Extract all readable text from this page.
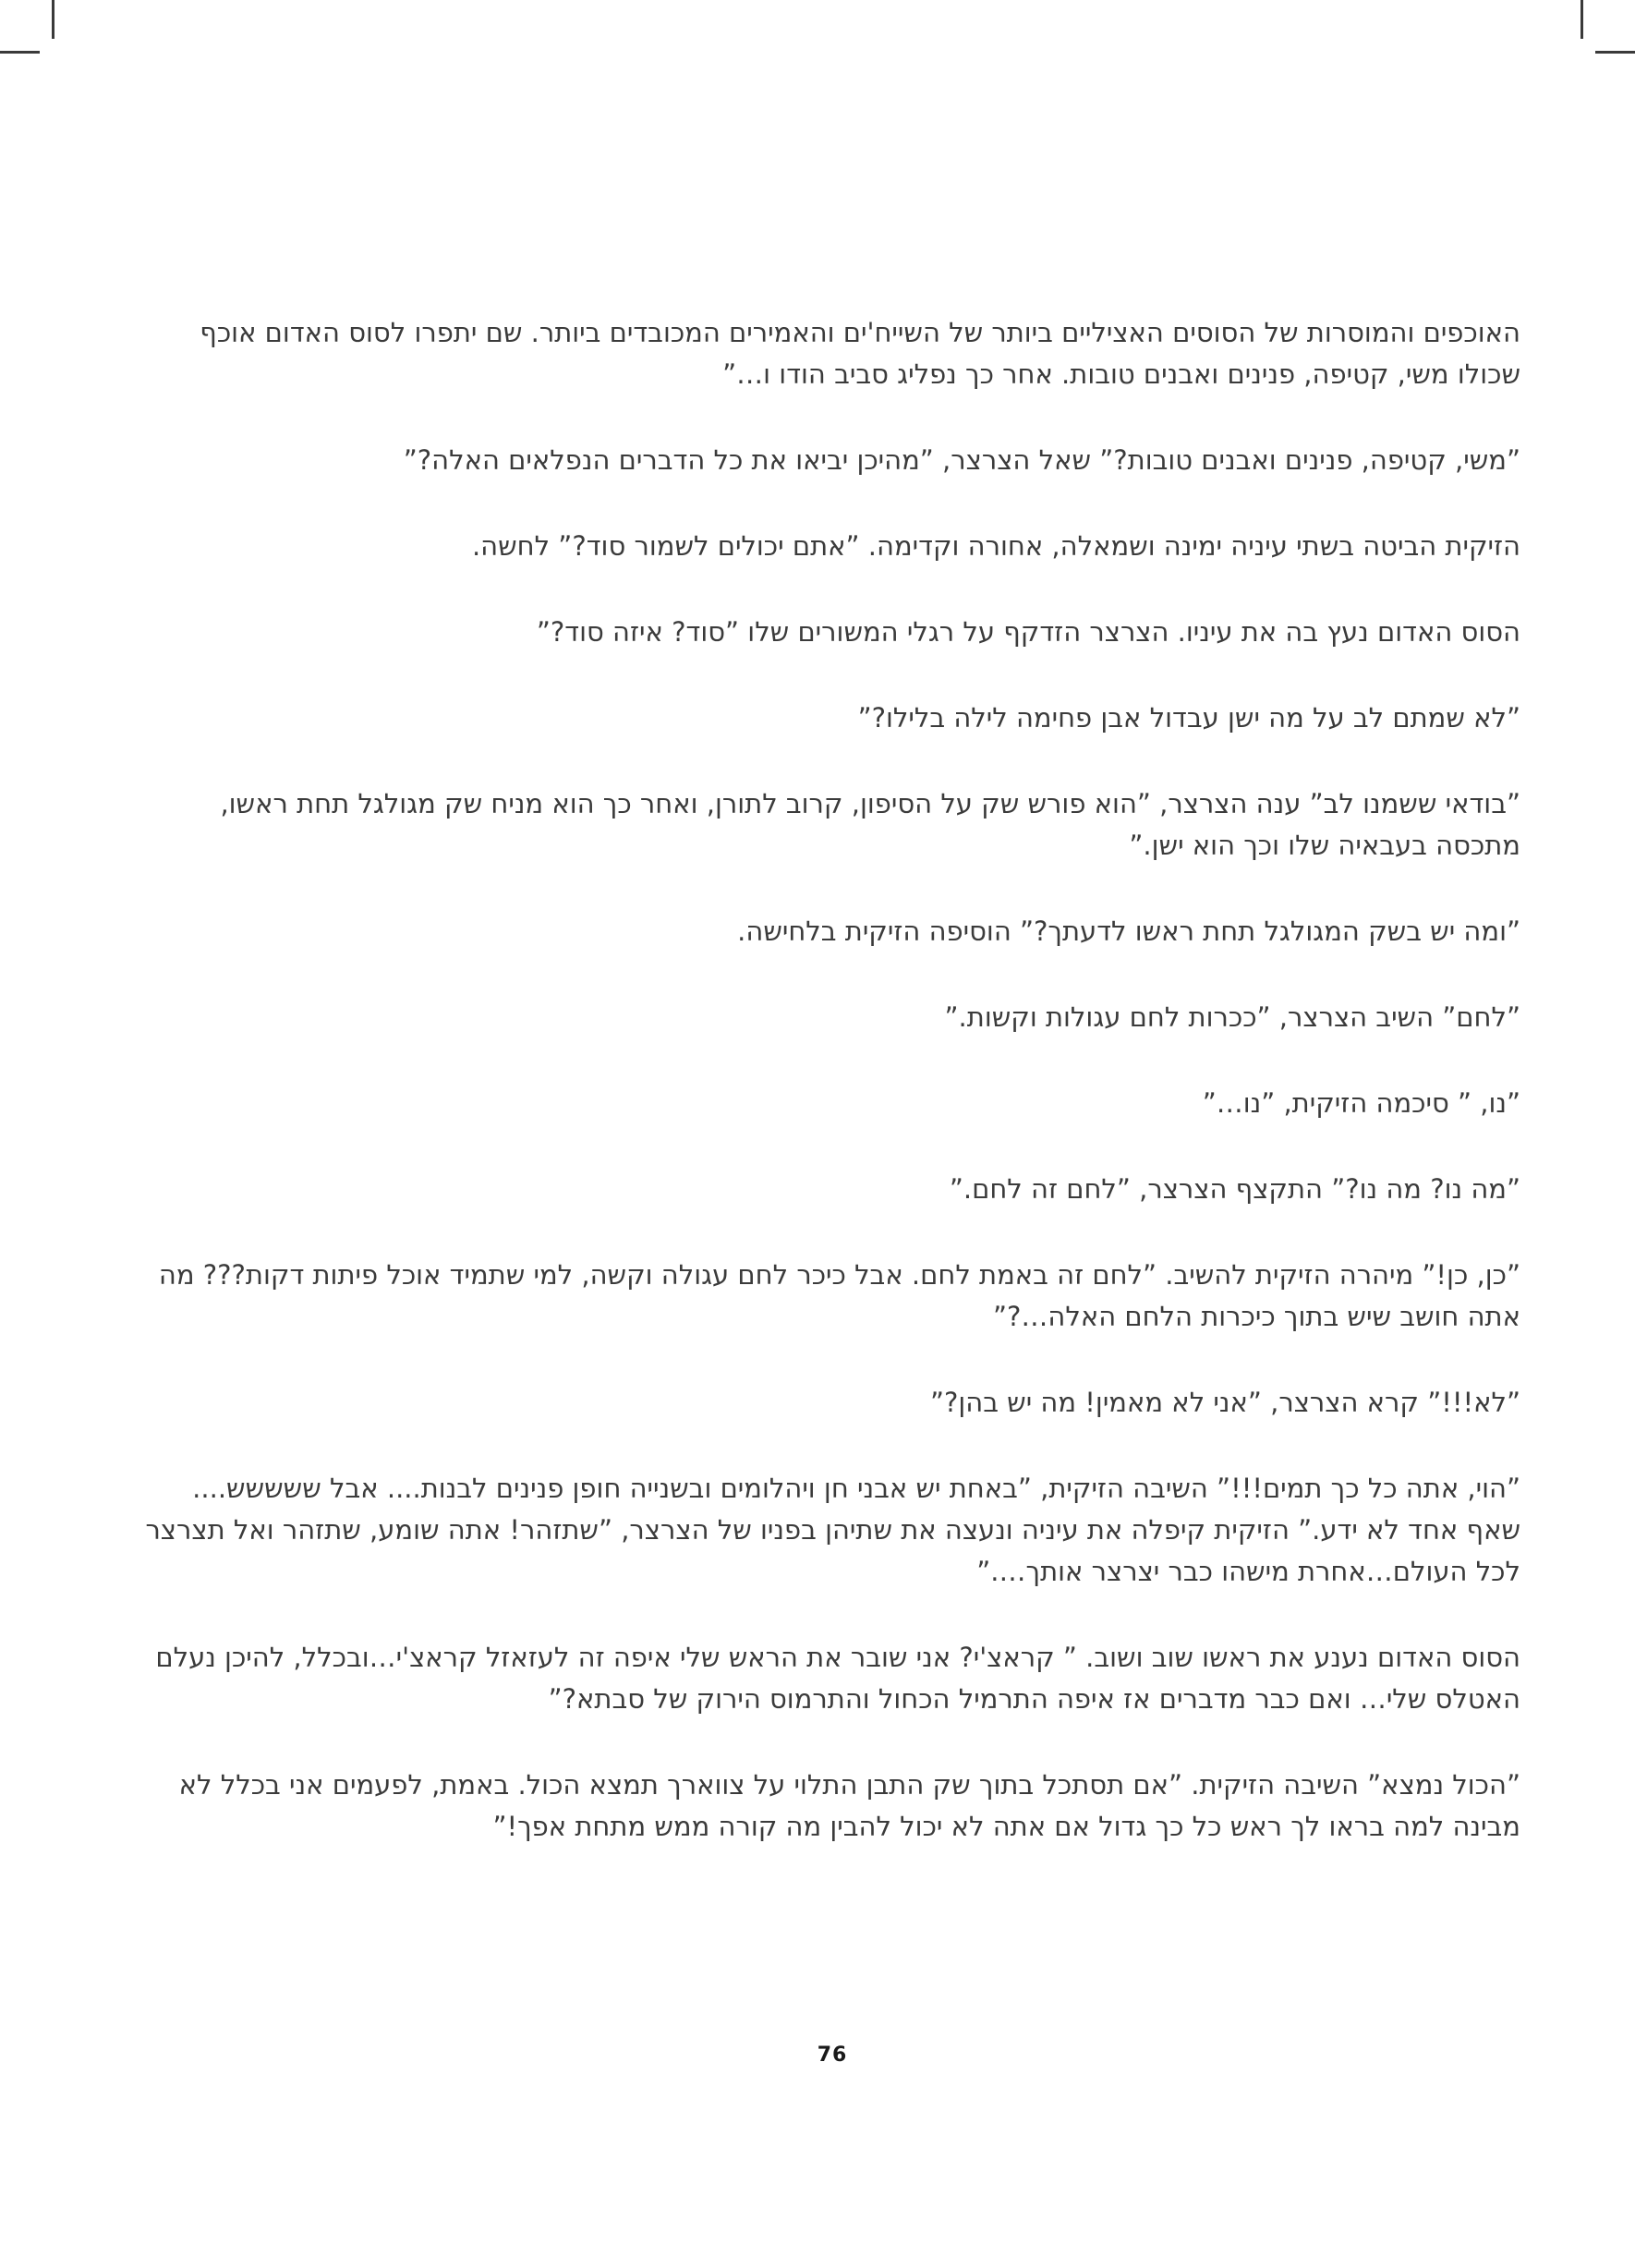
האוכפים והמוסרות של הסוסים האציליים ביותר של השייח'ים והאמירים המכובדים ביותר. שם יתפרו לסוס האדום אוכף שכולו משי, קטיפה, פנינים ואבנים טובות. אחר כך נפליג סביב הודו ו…”

”משי, קטיפה, פנינים ואבנים טובות?” שאל הצרצר, ”מהיכן יביאו את כל הדברים הנפלאים האלה?”

הזיקית הביטה בשתי עיניה ימינה ושמאלה, אחורה וקדימה. ”אתם יכולים לשמור סוד?” לחשה.

הסוס האדום נעץ בה את עיניו. הצרצר הזדקף על רגלי המשורים שלו ”סוד? איזה סוד?”

”לא שמתם לב על מה ישן עבדול אבן פחימה לילה בלילו?”

”בודאי ששמנו לב” ענה הצרצר, ”הוא פורש שק על הסיפון, קרוב לתורן, ואחר כך הוא מניח שק מגולגל תחת ראשו, מתכסה בעבאיה שלו וכך הוא ישן.”

”ומה יש בשק המגולגל תחת ראשו לדעתך?” הוסיפה הזיקית בלחישה.

”לחם” השיב הצרצר, ”ככרות לחם עגולות וקשות.”

”נו, ” סיכמה הזיקית, ”נו…”

”מה נו? מה נו?” התקצף הצרצר, ”לחם זה לחם.”

”כן, כן!” מיהרה הזיקית להשיב. ”לחם זה באמת לחם. אבל כיכר לחם עגולה וקשה, למי שתמיד אוכל פיתות דקות??? מה אתה חושב שיש בתוך כיכרות הלחם האלה…?”

”לא!!!” קרא הצרצר, ”אני לא מאמין! מה יש בהן?”

”הוי, אתה כל כך תמים!!!” השיבה הזיקית, ”באחת יש אבני חן ויהלומים ובשנייה חופן פנינים לבנות.... אבל ששששש.... שאף אחד לא ידע.” הזיקית קיפלה את עיניה ונעצה את שתיהן בפניו של הצרצר, ”שתזהר! אתה שומע, שתזהר ואל תצרצר לכל העולם…אחרת מישהו כבר יצרצר אותך….”

הסוס האדום נענע את ראשו שוב ושוב. ” קראצ'י? אני שובר את הראש שלי איפה זה לעזאזל קראצ'י…ובכלל, להיכן נעלם האטלס שלי… ואם כבר מדברים אז איפה התרמיל הכחול והתרמוס הירוק של סבתא?”

”הכול נמצא” השיבה הזיקית. ”אם תסתכל בתוך שק התבן התלוי על צווארך תמצא הכול. באמת, לפעמים אני בכלל לא מבינה למה בראו לך ראש כל כך גדול אם אתה לא יכול להבין מה קורה ממש מתחת אפך!”

76
